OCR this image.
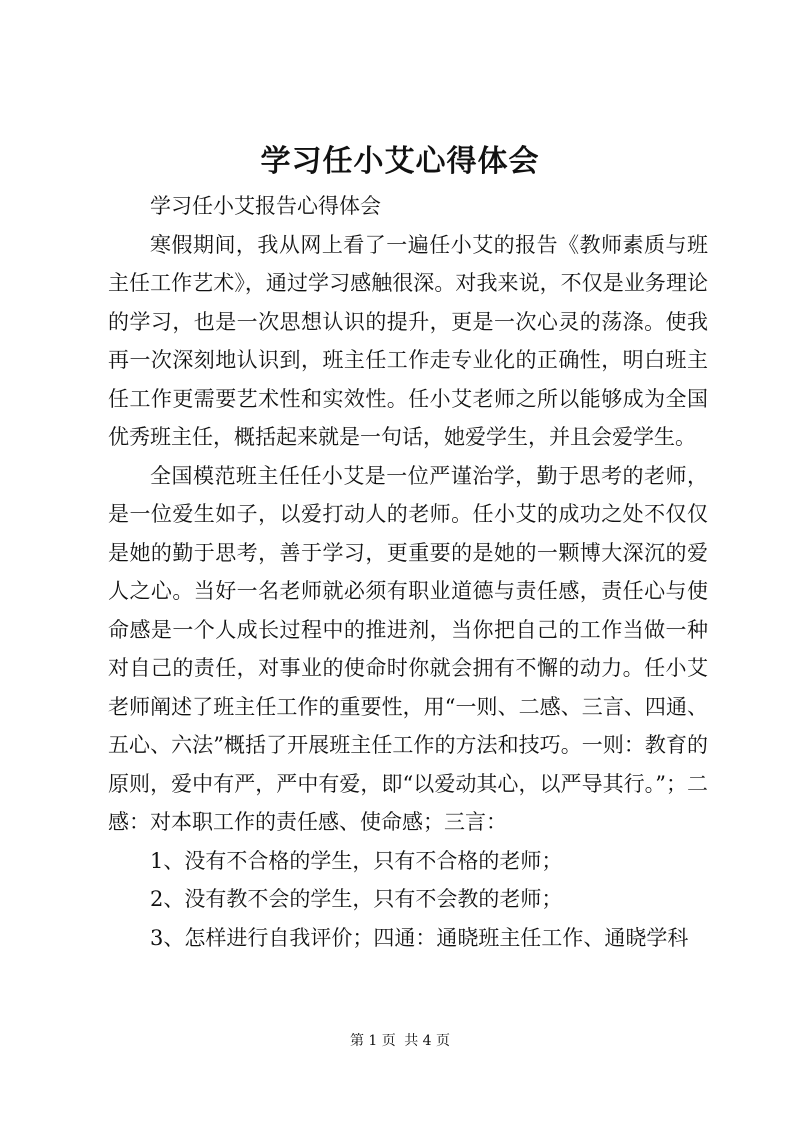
学习任小艾心得体会

学习任小艾报告心得体会

寒假期间，我从网上看了一遍任小艾的报告《教师素质与班主任工作艺术》，通过学习感触很深。对我来说，不仅是业务理论的学习，也是一次思想认识的提升，更是一次心灵的荡涤。使我再一次深刻地认识到，班主任工作走专业化的正确性，明白班主任工作更需要艺术性和实效性。任小艾老师之所以能够成为全国优秀班主任，概括起来就是一句话，她爱学生，并且会爱学生。

全国模范班主任任小艾是一位严谨治学，勤于思考的老师，是一位爱生如子，以爱打动人的老师。任小艾的成功之处不仅仅是她的勤于思考，善于学习，更重要的是她的一颗博大深沉的爱人之心。当好一名老师就必须有职业道德与责任感，责任心与使命感是一个人成长过程中的推进剂，当你把自己的工作当做一种对自己的责任，对事业的使命时你就会拥有不懈的动力。任小艾老师阐述了班主任工作的重要性，用“一则、二感、三言、四通、五心、六法”概括了开展班主任工作的方法和技巧。一则：教育的原则，爱中有严，严中有爱，即“以爱动其心，以严导其行。”；二感：对本职工作的责任感、使命感；三言：

1、没有不合格的学生，只有不合格的老师；

2、没有教不会的学生，只有不会教的老师；

3、怎样进行自我评价；四通：通晓班主任工作、通晓学科

第 1 页 共 4 页
